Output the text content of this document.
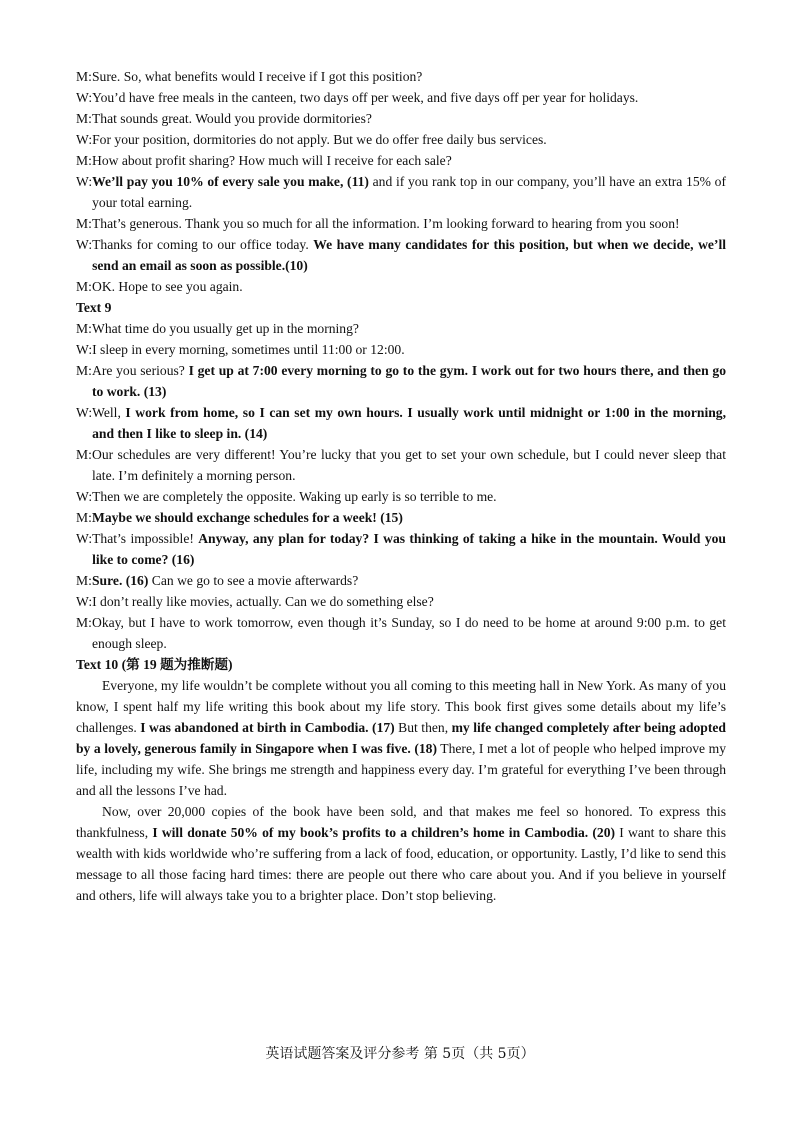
M: Sure. So, what benefits would I receive if I got this position?
W: You’d have free meals in the canteen, two days off per week, and five days off per year for holidays.
M: That sounds great. Would you provide dormitories?
W: For your position, dormitories do not apply. But we do offer free daily bus services.
M: How about profit sharing? How much will I receive for each sale?
W: We’ll pay you 10% of every sale you make, (11) and if you rank top in our company, you’ll have an extra 15% of your total earning.
M: That’s generous. Thank you so much for all the information. I’m looking forward to hearing from you soon!
W: Thanks for coming to our office today. We have many candidates for this position, but when we decide, we’ll send an email as soon as possible.(10)
M: OK. Hope to see you again.
Text 9
M: What time do you usually get up in the morning?
W: I sleep in every morning, sometimes until 11:00 or 12:00.
M: Are you serious? I get up at 7:00 every morning to go to the gym. I work out for two hours there, and then go to work. (13)
W: Well, I work from home, so I can set my own hours. I usually work until midnight or 1:00 in the morning, and then I like to sleep in. (14)
M: Our schedules are very different! You’re lucky that you get to set your own schedule, but I could never sleep that late. I’m definitely a morning person.
W: Then we are completely the opposite. Waking up early is so terrible to me.
M: Maybe we should exchange schedules for a week! (15)
W: That’s impossible! Anyway, any plan for today? I was thinking of taking a hike in the mountain. Would you like to come? (16)
M: Sure. (16) Can we go to see a movie afterwards?
W: I don’t really like movies, actually. Can we do something else?
M: Okay, but I have to work tomorrow, even though it’s Sunday, so I do need to be home at around 9:00 p.m. to get enough sleep.
Text 10 (第 19 题为推断题)
Everyone, my life wouldn’t be complete without you all coming to this meeting hall in New York. As many of you know, I spent half my life writing this book about my life story. This book first gives some details about my life’s challenges. I was abandoned at birth in Cambodia. (17) But then, my life changed completely after being adopted by a lovely, generous family in Singapore when I was five. (18) There, I met a lot of people who helped improve my life, including my wife. She brings me strength and happiness every day. I’m grateful for everything I’ve been through and all the lessons I’ve had.
Now, over 20,000 copies of the book have been sold, and that makes me feel so honored. To express this thankfulness, I will donate 50% of my book’s profits to a children’s home in Cambodia. (20) I want to share this wealth with kids worldwide who’re suffering from a lack of food, education, or opportunity. Lastly, I’d like to send this message to all those facing hard times: there are people out there who care about you. And if you believe in yourself and others, life will always take you to a brighter place. Don’t stop believing.
英语试题答案及评分参考 第 5页（共 5页）
